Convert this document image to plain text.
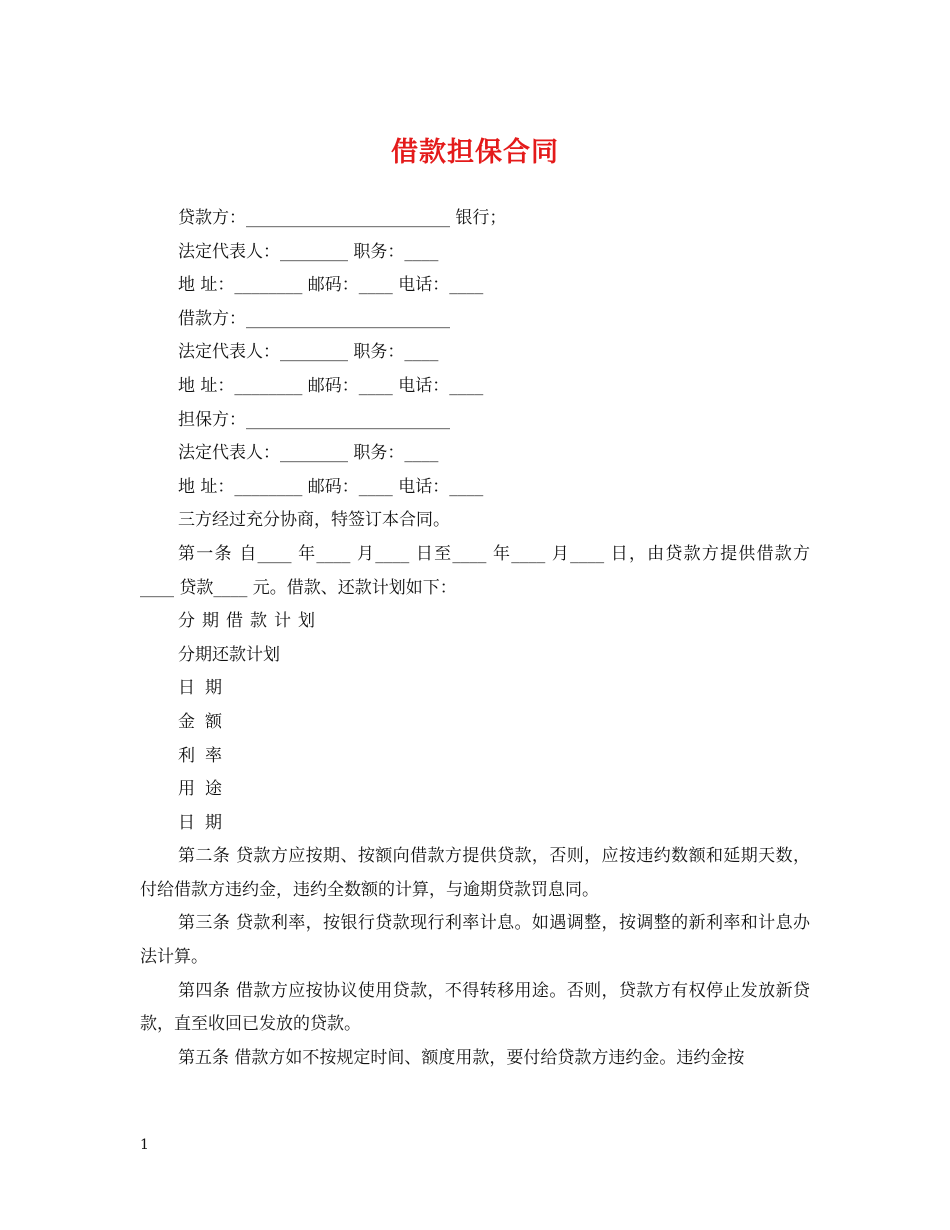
借款担保合同
贷款方：________________________ 银行；
法定代表人：________ 职务：____
地 址：________ 邮码：____ 电话：____
借款方：________________________
法定代表人：________ 职务：____
地 址：________ 邮码：____ 电话：____
担保方：________________________
法定代表人：________ 职务：____
地 址：________ 邮码：____ 电话：____
三方经过充分协商，特签订本合同。
第一条 自____ 年____ 月____ 日至____ 年____ 月____ 日，由贷款方提供借款方____ 贷款____ 元。借款、还款计划如下：
分期借款计划
分期还款计划
日期
金额
利率
用途
日期
第二条 贷款方应按期、按额向借款方提供贷款，否则，应按违约数额和延期天数，付给借款方违约金，违约全数额的计算，与逾期贷款罚息同。
第三条 贷款利率，按银行贷款现行利率计息。如遇调整，按调整的新利率和计息办法计算。
第四条 借款方应按协议使用贷款，不得转移用途。否则，贷款方有权停止发放新贷款，直至收回已发放的贷款。
第五条 借款方如不按规定时间、额度用款，要付给贷款方违约金。违约金按
1
